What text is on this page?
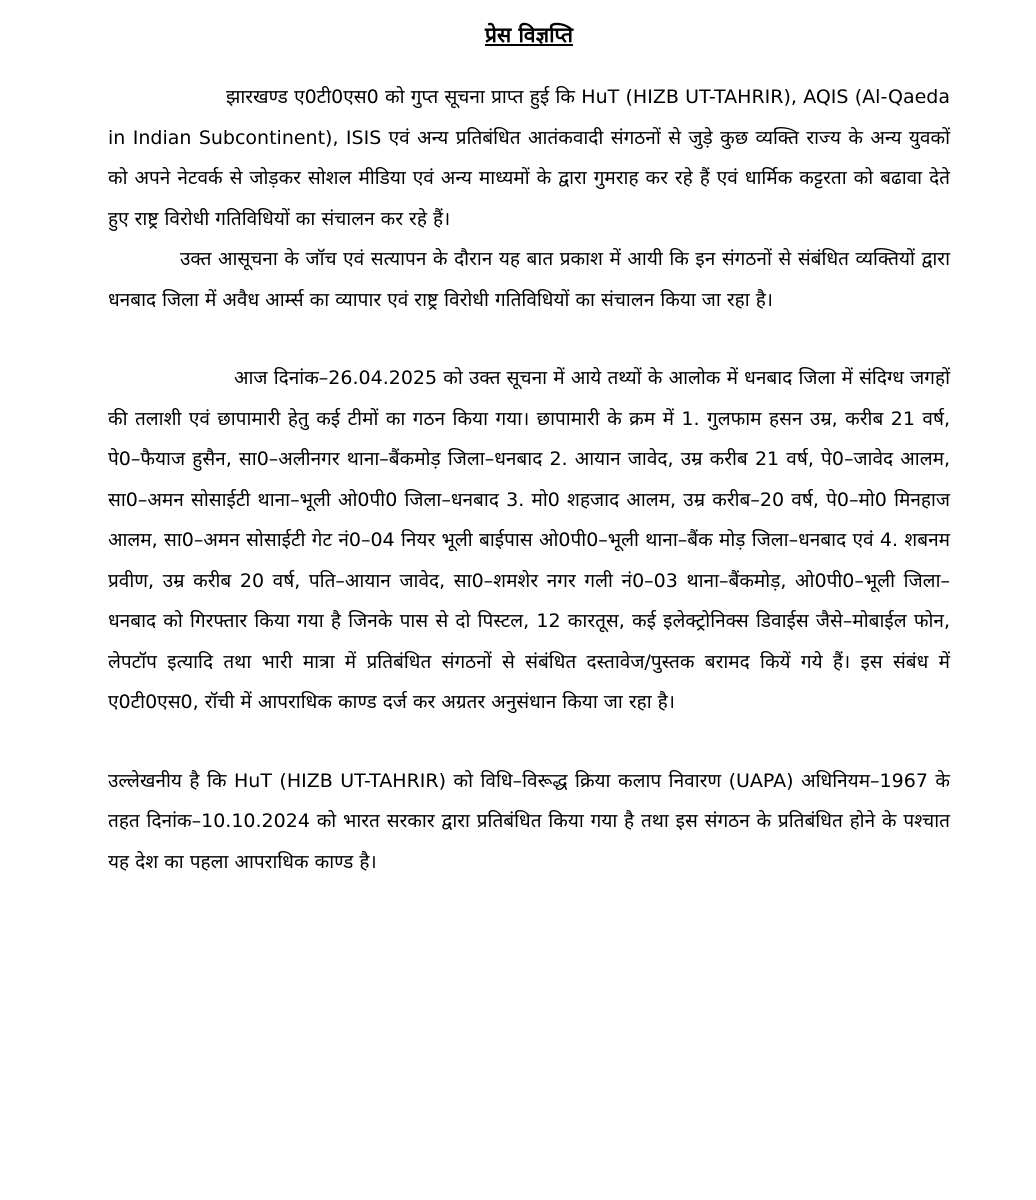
प्रेस विज्ञप्ति

झारखण्ड ए0टी0एस0 को गुप्त सूचना प्राप्त हुई कि HuT (HIZB UT-TAHRIR), AQIS (Al-Qaeda in Indian Subcontinent), ISIS एवं अन्य प्रतिबंधित आतंकवादी संगठनों से जुड़े कुछ व्यक्ति राज्य के अन्य युवकों को अपने नेटवर्क से जोड़कर सोशल मीडिया एवं अन्य माध्यमों के द्वारा गुमराह कर रहे हैं एवं धार्मिक कट्टरता को बढावा देते हुए राष्ट्र विरोधी गतिविधियों का संचालन कर रहे हैं।

उक्त आसूचना के जॉच एवं सत्यापन के दौरान यह बात प्रकाश में आयी कि इन संगठनों से संबंधित व्यक्तियों द्वारा धनबाद जिला में अवैध आर्म्स का व्यापार एवं राष्ट्र विरोधी गतिविधियों का संचालन किया जा रहा है।

आज दिनांक–26.04.2025 को उक्त सूचना में आये तथ्यों के आलोक में धनबाद जिला में संदिग्ध जगहों की तलाशी एवं छापामारी हेतु कई टीमों का गठन किया गया। छापामारी के क्रम में 1. गुलफाम हसन उम्र, करीब 21 वर्ष, पे0–फैयाज हुसैन, सा0–अलीनगर थाना–बैंकमोड़ जिला–धनबाद 2. आयान जावेद, उम्र करीब 21 वर्ष, पे0–जावेद आलम, सा0–अमन सोसाईटी थाना–भूली ओ0पी0 जिला–धनबाद 3. मो0 शहजाद आलम, उम्र करीब–20 वर्ष, पे0–मो0 मिनहाज आलम, सा0–अमन सोसाईटी गेट नं0–04 नियर भूली बाईपास ओ0पी0–भूली थाना–बैंक मोड़ जिला–धनबाद एवं 4. शबनम प्रवीण, उम्र करीब 20 वर्ष, पति–आयान जावेद, सा0–शमशेर नगर गली नं0–03 थाना–बैंकमोड़, ओ0पी0–भूली जिला–धनबाद को गिरफ्तार किया गया है जिनके पास से दो पिस्टल, 12 कारतूस, कई इलेक्ट्रोनिक्स डिवाईस जैसे–मोबाईल फोन, लेपटॉप इत्यादि तथा भारी मात्रा में प्रतिबंधित संगठनों से संबंधित दस्तावेज/पुस्तक बरामद कियें गये हैं। इस संबंध में ए0टी0एस0, रॉची में आपराधिक काण्ड दर्ज कर अग्रतर अनुसंधान किया जा रहा है।

उल्लेखनीय है कि HuT (HIZB UT-TAHRIR) को विधि–विरूद्ध क्रिया कलाप निवारण (UAPA) अधिनियम–1967 के तहत दिनांक–10.10.2024 को भारत सरकार द्वारा प्रतिबंधित किया गया है तथा इस संगठन के प्रतिबंधित होने के पश्चात यह देश का पहला आपराधिक काण्ड है।
